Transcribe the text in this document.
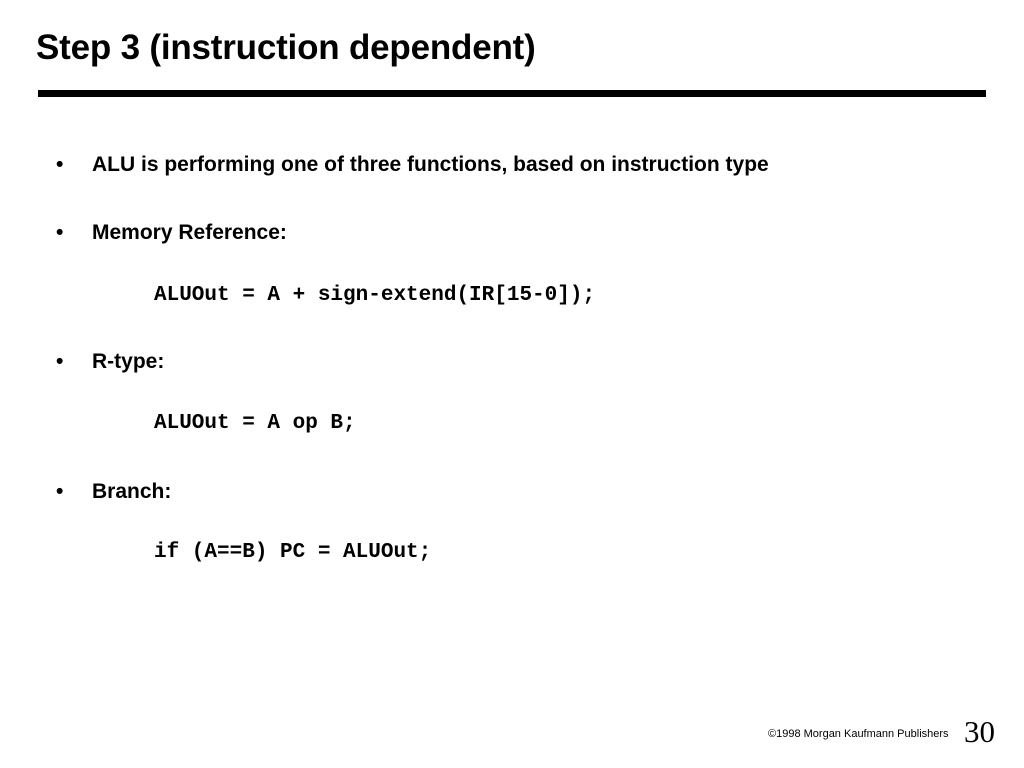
Step 3 (instruction dependent)
• ALU is performing one of three functions, based on instruction type
• Memory Reference:
ALUOut = A + sign-extend(IR[15-0]);
• R-type:
ALUOut = A op B;
• Branch:
if (A==B) PC = ALUOut;
©1998 Morgan Kaufmann Publishers 30
